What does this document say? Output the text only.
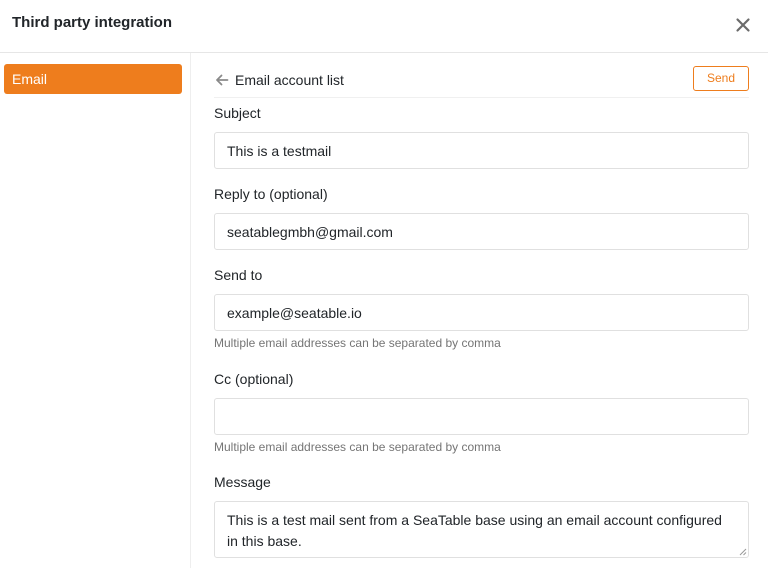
Third party integration
Email	Email account list	Send
Subject
This is a testmail
Reply to (optional)
seatablegmbh@gmail.com
Send to
example@seatable.io
Multiple email addresses can be separated by comma
Cc (optional)
Multiple email addresses can be separated by comma
Message
This is a test mail sent from a SeaTable base using an email account configured in this base.
